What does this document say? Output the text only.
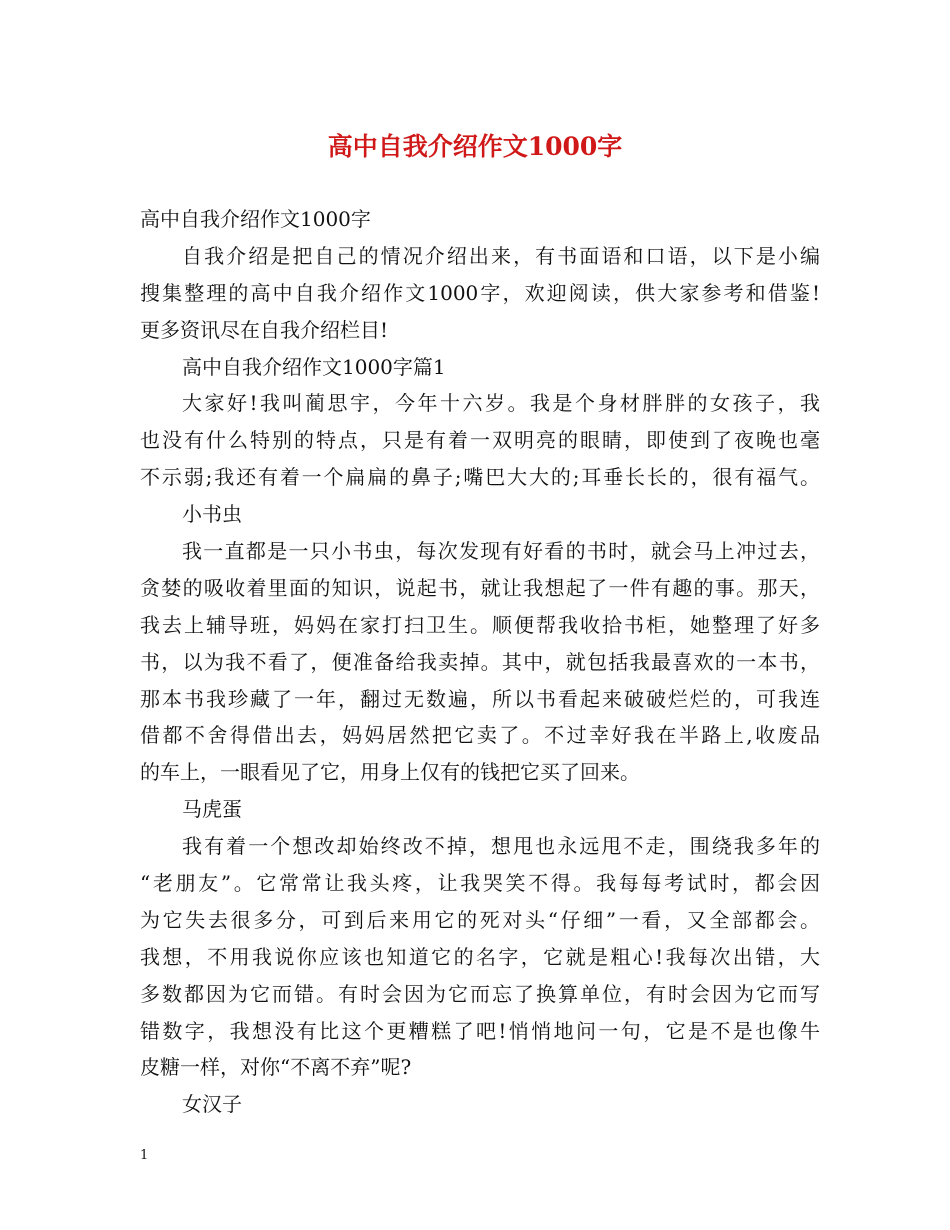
高中自我介绍作文1000字
高中自我介绍作文1000字
自我介绍是把自己的情况介绍出来，有书面语和口语，以下是小编
搜集整理的高中自我介绍作文1000字，欢迎阅读，供大家参考和借鉴!
更多资讯尽在自我介绍栏目!
高中自我介绍作文1000字篇1
大家好!我叫蔺思宇，今年十六岁。我是个身材胖胖的女孩子，我
也没有什么特别的特点，只是有着一双明亮的眼睛，即使到了夜晚也毫
不示弱;我还有着一个扁扁的鼻子;嘴巴大大的;耳垂长长的，很有福气。
小书虫
我一直都是一只小书虫，每次发现有好看的书时，就会马上冲过去，
贪婪的吸收着里面的知识，说起书，就让我想起了一件有趣的事。那天，
我去上辅导班，妈妈在家打扫卫生。顺便帮我收拾书柜，她整理了好多
书，以为我不看了，便准备给我卖掉。其中，就包括我最喜欢的一本书，
那本书我珍藏了一年，翻过无数遍，所以书看起来破破烂烂的，可我连
借都不舍得借出去，妈妈居然把它卖了。不过幸好我在半路上,收废品
的车上，一眼看见了它，用身上仅有的钱把它买了回来。
马虎蛋
我有着一个想改却始终改不掉，想甩也永远甩不走，围绕我多年的
“老朋友”。它常常让我头疼，让我哭笑不得。我每每考试时，都会因
为它失去很多分，可到后来用它的死对头“仔细”一看，又全部都会。
我想，不用我说你应该也知道它的名字，它就是粗心!我每次出错，大
多数都因为它而错。有时会因为它而忘了换算单位，有时会因为它而写
错数字，我想没有比这个更糟糕了吧!悄悄地问一句，它是不是也像牛
皮糖一样，对你“不离不弃”呢?
女汉子
1
